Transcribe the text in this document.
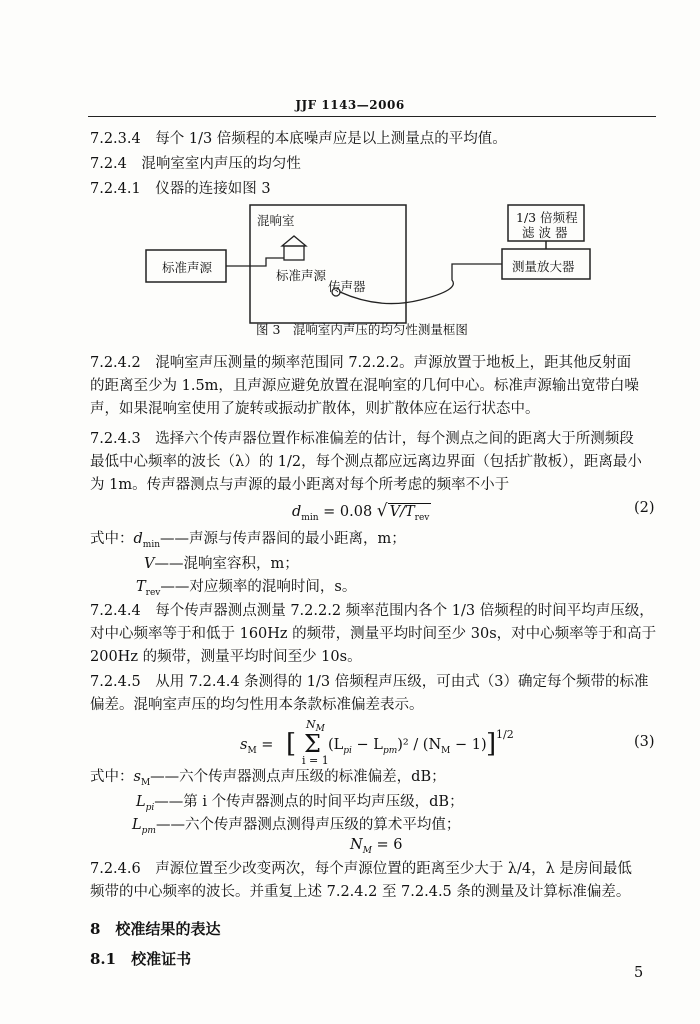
JJF 1143—2006
7.2.3.4　每个 1/3 倍频程的本底噪声应是以上测量点的平均值。
7.2.4　混响室室内声压的均匀性
7.2.4.1　仪器的连接如图 3
混响室
标准声源
标准声源
传声器
1/3 倍频程
滤 波 器
测量放大器
图 3　混响室内声压的均匀性测量框图
7.2.4.2　混响室声压测量的频率范围同 7.2.2.2。声源放置于地板上，距其他反射面
的距离至少为 1.5m，且声源应避免放置在混响室的几何中心。标准声源输出宽带白噪
声，如果混响室使用了旋转或振动扩散体，则扩散体应在运行状态中。
7.2.4.3　选择六个传声器位置作标准偏差的估计，每个测点之间的距离大于所测频段
最低中心频率的波长（λ）的 1/2，每个测点都应远离边界面（包括扩散板），距离最小
为 1m。传声器测点与声源的最小距离对每个所考虑的频率不小于
$d_{min} = 0.08$ √ $V/T_{rev}$
(2)
式中：$d_{min}——$声源与传声器间的最小距离，m；
V——混响室容积，m；
$T_{rev}——$对应频率的混响时间，s。
7.2.4.4　每个传声器测点测量 7.2.2.2 频率范围内各个 1/3 倍频程的时间平均声压级，
对中心频率等于和低于 160Hz 的频带，测量平均时间至少 30s，对中心频率等于和高于
200Hz 的频带，测量平均时间至少 10s。
7.2.4.5　从用 7.2.4.4 条测得的 1/3 倍频程声压级，可由式（3）确定每个频带的标准
偏差。混响室声压的均匀性用本条款标准偏差表示。
$s_M$ = [
$N_M$
Σ
i = 1
$(L_{pi} - L_{pm})^2 / (N_M - 1)$ ] 1/2	(3)
式中：$s_M——$六个传声器测点声压级的标准偏差，dB；
$L_{pi}——$第 i 个传声器测点的时间平均声压级，dB；
$L_{pm}——$六个传声器测点测得声压级的算术平均值；
$N_M = 6$
7.2.4.6　声源位置至少改变两次，每个声源位置的距离至少大于 λ/4，λ 是房间最低
频带的中心频率的波长。并重复上述 7.2.4.2 至 7.2.4.5 条的测量及计算标准偏差。
8　校准结果的表达
8.1　校准证书
5
